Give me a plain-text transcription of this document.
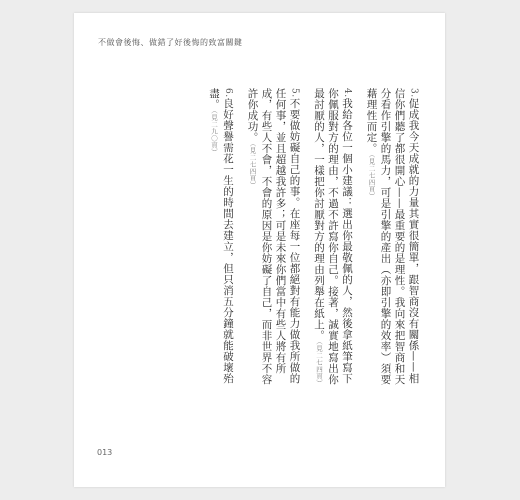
不做會後悔、做錯了好後悔的致富關鍵

3.促成我今天成就的力量其實很簡單，跟智商沒有關係——相信你們聽了都很開心——最重要的是理性。我向來把智商和天分看作引擎的馬力，可是引擎的產出（亦即引擎的效率）須要藉理性而定。（見二七四頁）

4.我給各位一個小建議：選出你最敬佩的人，然後拿紙筆寫下你佩服對方的理由，不過不許寫你自己。接著，誠實地寫出你最討厭的人，一樣把你討厭對方的理由列舉在紙上。（見二七四頁）

5.不要做妨礙自己的事。在座每一位都絕對有能力做我所做的任何事，並且超越我許多；可是未來你們當中有些人將有所成，有些人不會，不會的原因是你妨礙了自己，而非世界不容許你成功。（見二七四頁）

6.良好聲譽需花一生的時間去建立，但只消五分鐘就能破壞殆盡。（見二九〇頁）

013
